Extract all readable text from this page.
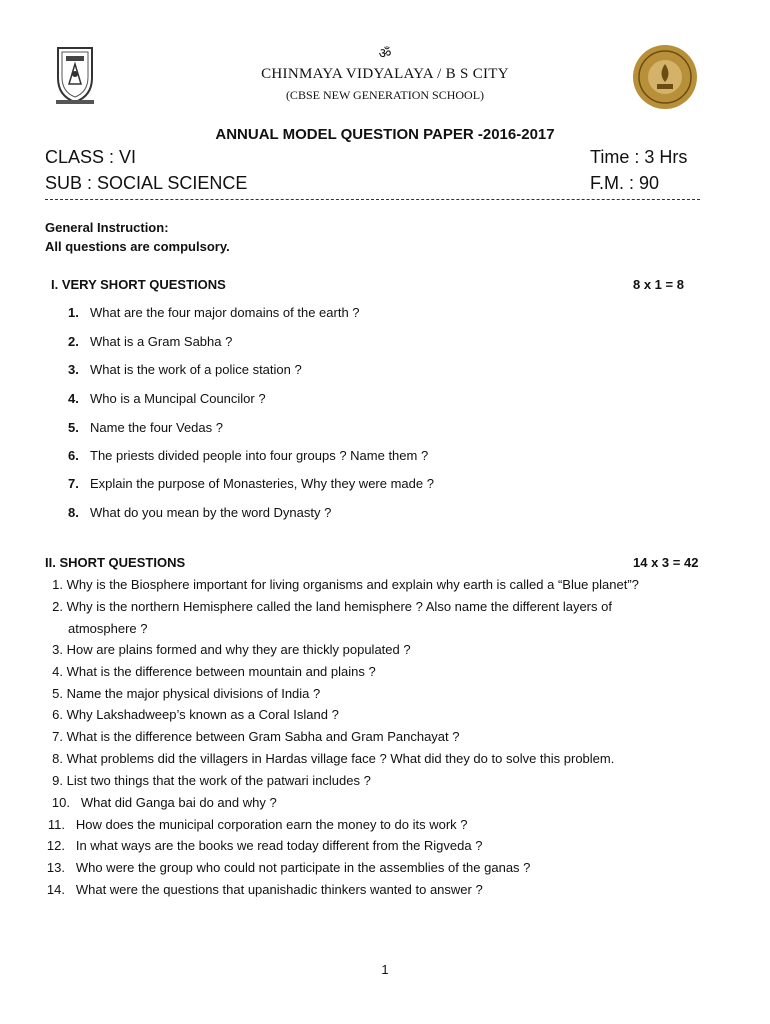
ॐ
CHINMAYA VIDYALAYA / B S CITY
(CBSE NEW GENERATION SCHOOL)
ANNUAL MODEL QUESTION PAPER -2016-2017
CLASS : VI	Time : 3 Hrs
SUB : SOCIAL SCIENCE	F.M. : 90
General Instruction:
All questions are compulsory.
I. VERY SHORT QUESTIONS	8 x 1 = 8
1. What are the four major domains of the earth ?
2. What is a Gram Sabha ?
3. What is the work of a police station ?
4. Who is a Muncipal Councilor ?
5. Name the four Vedas ?
6. The priests divided people into four groups ? Name them ?
7. Explain the purpose of Monasteries, Why they were made ?
8. What do you mean by the word Dynasty ?
II. SHORT QUESTIONS	14 x 3 = 42
1. Why is the Biosphere important for living organisms and explain why earth is called a “Blue planet”?
2. Why is the northern Hemisphere called the land hemisphere ? Also name the different layers of
atmosphere ?
3. How are plains formed and why they are thickly populated ?
4. What is the difference between mountain and plains ?
5. Name the major physical divisions of India ?
6. Why Lakshadweep’s known as a Coral Island ?
7. What is the difference between Gram Sabha and Gram Panchayat ?
8. What problems did the villagers in Hardas village face ? What did they do to solve this problem.
9. List two things that the work of the patwari includes ?
10. What did Ganga bai do and why ?
11. How does the municipal corporation earn the money to do its work ?
12. In what ways are the books we read today different from the Rigveda ?
13. Who were the group who could not participate in the assemblies of the ganas ?
14. What were the questions that upanishadic thinkers wanted to answer ?
1
